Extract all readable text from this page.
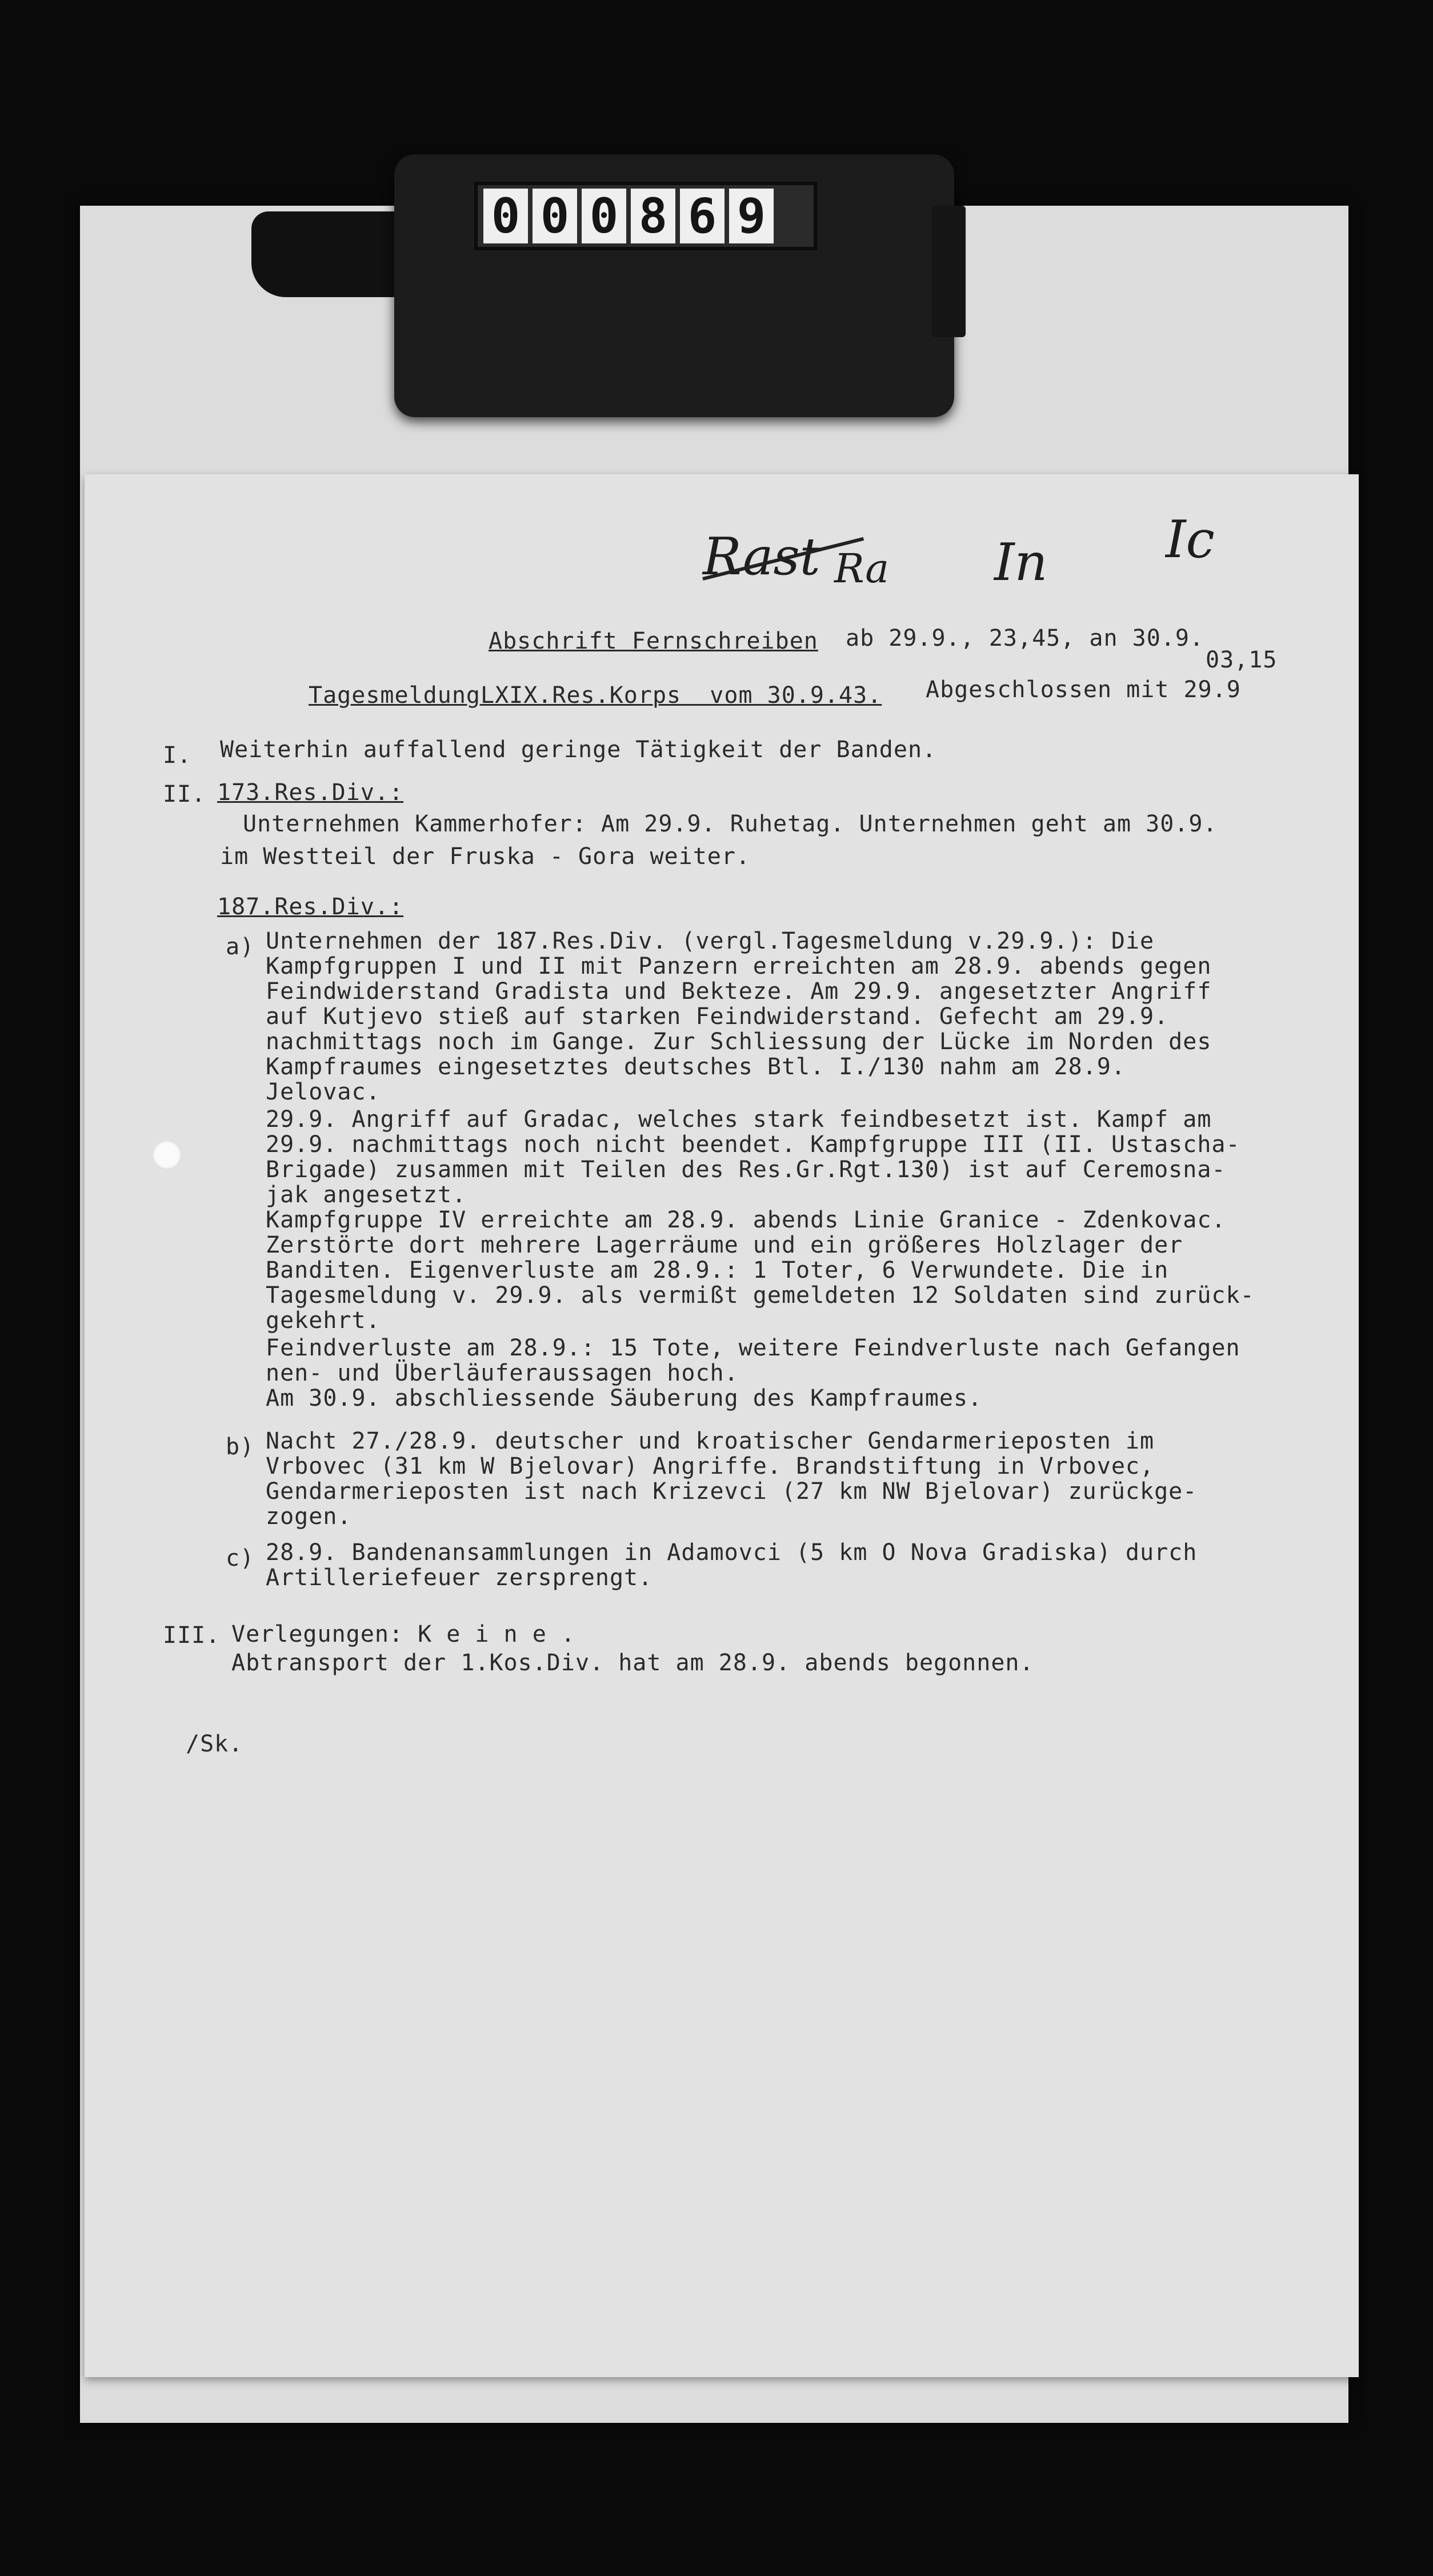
0 0 0 8 6 9
Rast Ra In Ic
Abschrift Fernschreiben ab 29.9., 23,45, an 30.9.
03,15
TagesmeldungLXIX.Res.Korps  vom 30.9.43. Abgeschlossen mit 29.9
I. Weiterhin auffallend geringe Tätigkeit der Banden.
II. 173.Res.Div.:
Unternehmen Kammerhofer: Am 29.9. Ruhetag. Unternehmen geht am 30.9.
im Westteil der Fruska - Gora weiter.
187.Res.Div.:
a) Unternehmen der 187.Res.Div. (vergl.Tagesmeldung v.29.9.): Die
Kampfgruppen I und II mit Panzern erreichten am 28.9. abends gegen
Feindwiderstand Gradista und Bekteze. Am 29.9. angesetzter Angriff
auf Kutjevo stieß auf starken Feindwiderstand. Gefecht am 29.9.
nachmittags noch im Gange. Zur Schliessung der Lücke im Norden des
Kampfraumes eingesetztes deutsches Btl. I./130 nahm am 28.9.
Jelovac.
29.9. Angriff auf Gradac, welches stark feindbesetzt ist. Kampf am
29.9. nachmittags noch nicht beendet. Kampfgruppe III (II. Ustascha-
Brigade) zusammen mit Teilen des Res.Gr.Rgt.130) ist auf Ceremosna-
jak angesetzt.
Kampfgruppe IV erreichte am 28.9. abends Linie Granice - Zdenkovac.
Zerstörte dort mehrere Lagerräume und ein größeres Holzlager der
Banditen. Eigenverluste am 28.9.: 1 Toter, 6 Verwundete. Die in
Tagesmeldung v. 29.9. als vermißt gemeldeten 12 Soldaten sind zurück-
gekehrt.
Feindverluste am 28.9.: 15 Tote, weitere Feindverluste nach Gefangen
nen- und Überläuferaussagen hoch.
Am 30.9. abschliessende Säuberung des Kampfraumes.
b) Nacht 27./28.9. deutscher und kroatischer Gendarmerieposten im
Vrbovec (31 km W Bjelovar) Angriffe. Brandstiftung in Vrbovec,
Gendarmerieposten ist nach Krizevci (27 km NW Bjelovar) zurückge-
zogen.
c) 28.9. Bandenansammlungen in Adamovci (5 km O Nova Gradiska) durch
Artilleriefeuer zersprengt.
III. Verlegungen: K e i n e .
Abtransport der 1.Kos.Div. hat am 28.9. abends begonnen.
/Sk.
